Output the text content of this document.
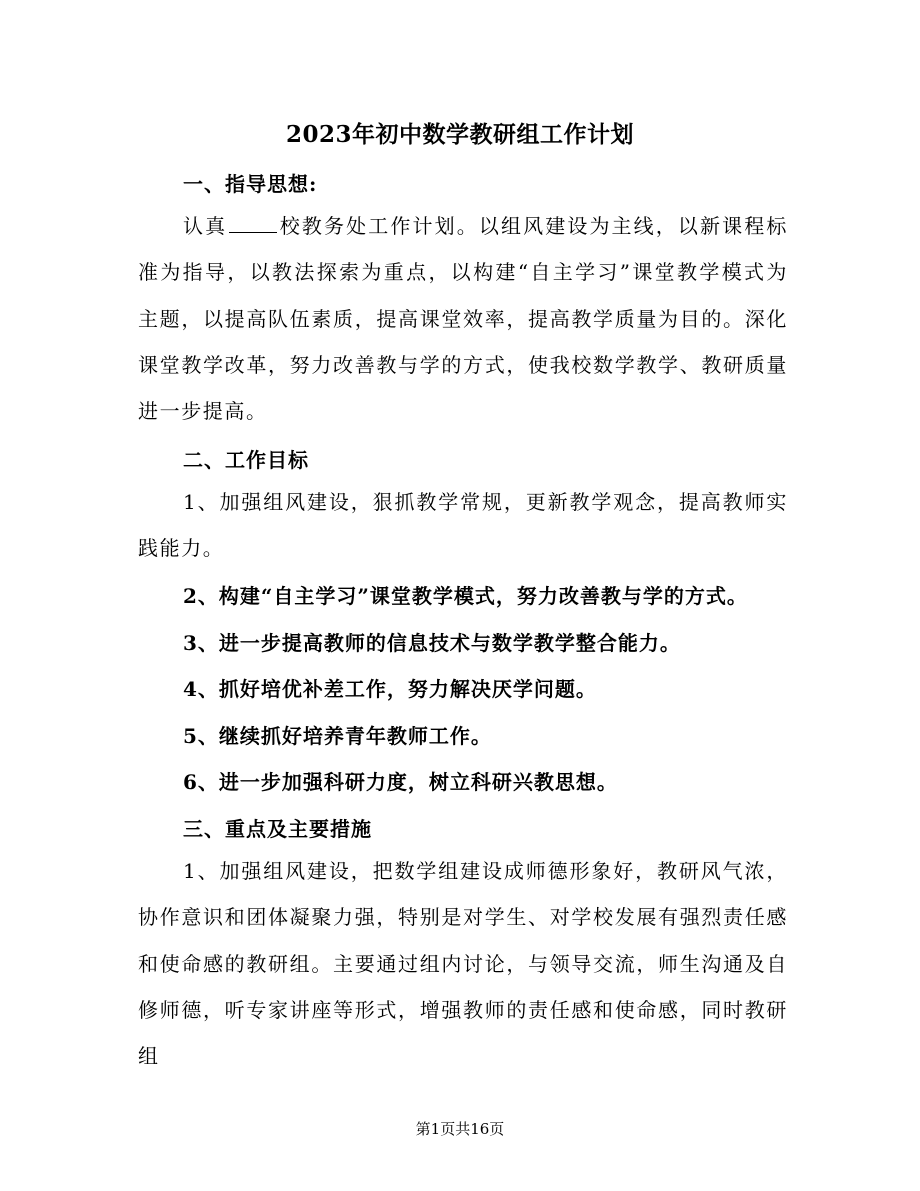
2023年初中数学教研组工作计划
一、指导思想:
认真	校教务处工作计划。以组风建设为主线，以新课程标准为指导，以教法探索为重点，以构建“自主学习”课堂教学模式为主题，以提高队伍素质，提高课堂效率，提高教学质量为目的。深化课堂教学改革，努力改善教与学的方式，使我校数学教学、教研质量进一步提高。
二、工作目标
1、加强组风建设，狠抓教学常规，更新教学观念，提高教师实践能力。
2、构建“自主学习”课堂教学模式，努力改善教与学的方式。
3、进一步提高教师的信息技术与数学教学整合能力。
4、抓好培优补差工作，努力解决厌学问题。
5、继续抓好培养青年教师工作。
6、进一步加强科研力度，树立科研兴教思想。
三、重点及主要措施
1、加强组风建设，把数学组建设成师德形象好，教研风气浓，协作意识和团体凝聚力强，特别是对学生、对学校发展有强烈责任感和使命感的教研组。主要通过组内讨论，与领导交流，师生沟通及自修师德，听专家讲座等形式，增强教师的责任感和使命感，同时教研组
第1页共16页
